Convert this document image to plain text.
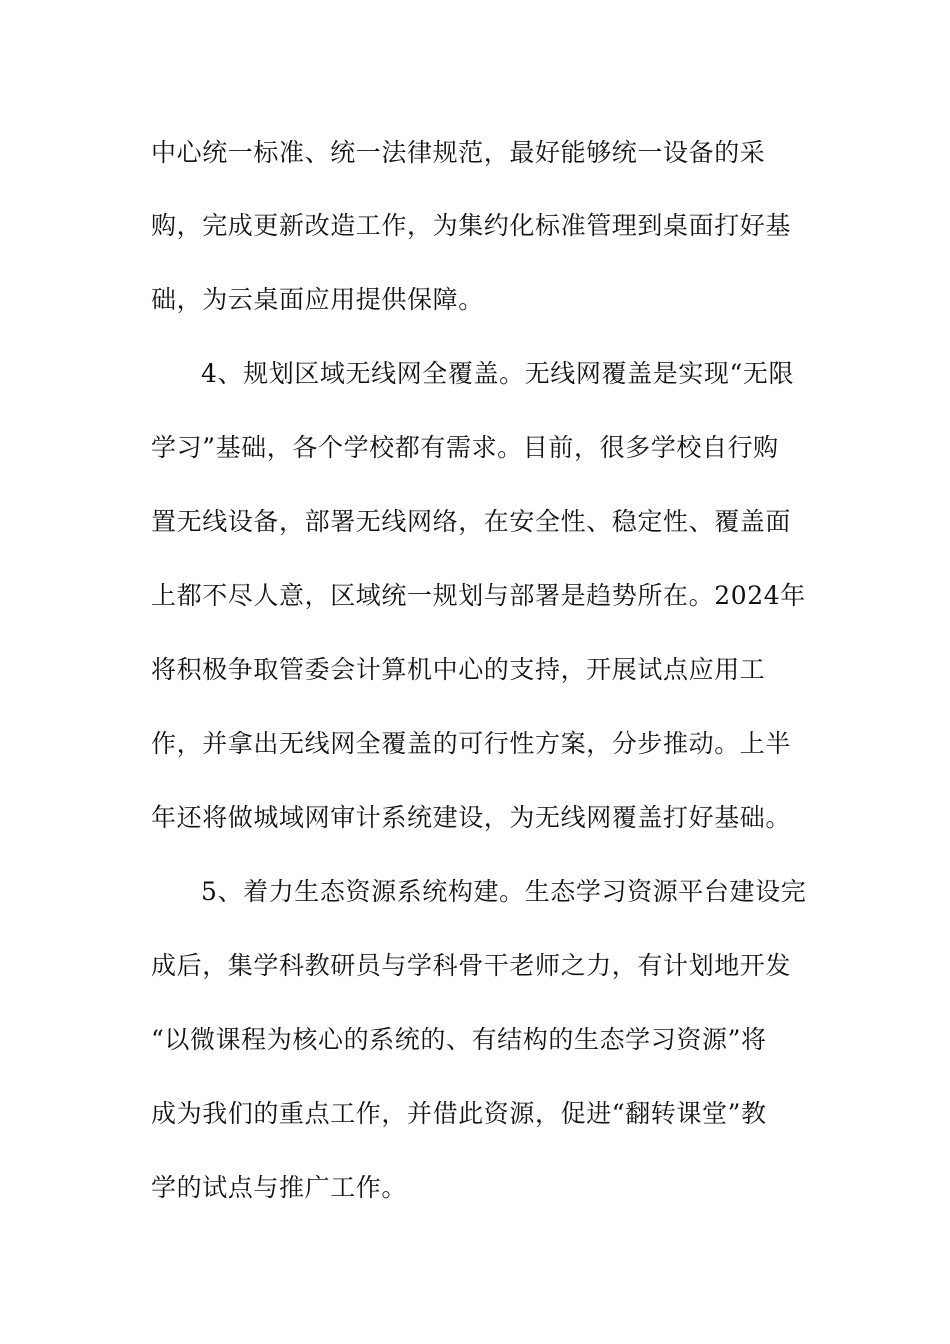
中心统一标准、统一法律规范，最好能够统一设备的采
购，完成更新改造工作，为集约化标准管理到桌面打好基
础，为云桌面应用提供保障。
4、规划区域无线网全覆盖。无线网覆盖是实现“无限
学习”基础，各个学校都有需求。目前，很多学校自行购
置无线设备，部署无线网络，在安全性、稳定性、覆盖面
上都不尽人意，区域统一规划与部署是趋势所在。2024年
将积极争取管委会计算机中心的支持，开展试点应用工
作，并拿出无线网全覆盖的可行性方案，分步推动。上半
年还将做城域网审计系统建设，为无线网覆盖打好基础。
5、着力生态资源系统构建。生态学习资源平台建设完
成后，集学科教研员与学科骨干老师之力，有计划地开发
“以微课程为核心的系统的、有结构的生态学习资源”将
成为我们的重点工作，并借此资源，促进“翻转课堂”教
学的试点与推广工作。
